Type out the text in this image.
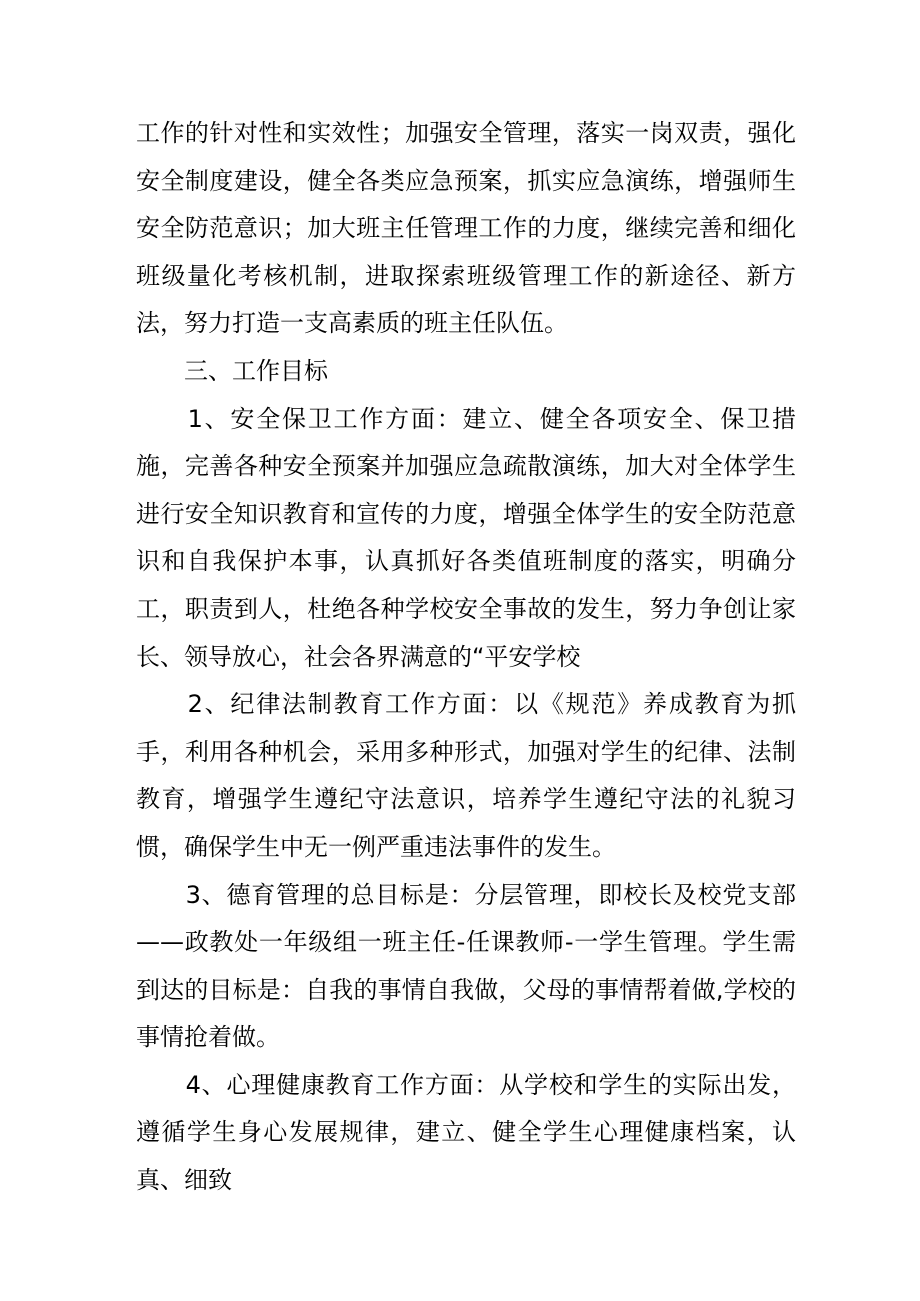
工作的针对性和实效性；加强安全管理，落实一岗双责，强化安全制度建设，健全各类应急预案，抓实应急演练，增强师生安全防范意识；加大班主任管理工作的力度，继续完善和细化班级量化考核机制，进取探索班级管理工作的新途径、新方法，努力打造一支高素质的班主任队伍。

　　三、工作目标

　　1、安全保卫工作方面：建立、健全各项安全、保卫措施，完善各种安全预案并加强应急疏散演练，加大对全体学生进行安全知识教育和宣传的力度，增强全体学生的安全防范意识和自我保护本事，认真抓好各类值班制度的落实，明确分工，职责到人，杜绝各种学校安全事故的发生，努力争创让家长、领导放心，社会各界满意的“平安学校

　　2、纪律法制教育工作方面：以《规范》养成教育为抓手，利用各种机会，采用多种形式，加强对学生的纪律、法制教育，增强学生遵纪守法意识，培养学生遵纪守法的礼貌习惯，确保学生中无一例严重违法事件的发生。

　　3、德育管理的总目标是：分层管理，即校长及校党支部——政教处一年级组一班主任-任课教师-一学生管理。学生需到达的目标是：自我的事情自我做，父母的事情帮着做,学校的事情抢着做。

　　4、心理健康教育工作方面：从学校和学生的实际出发，遵循学生身心发展规律，建立、健全学生心理健康档案，认真、细致
